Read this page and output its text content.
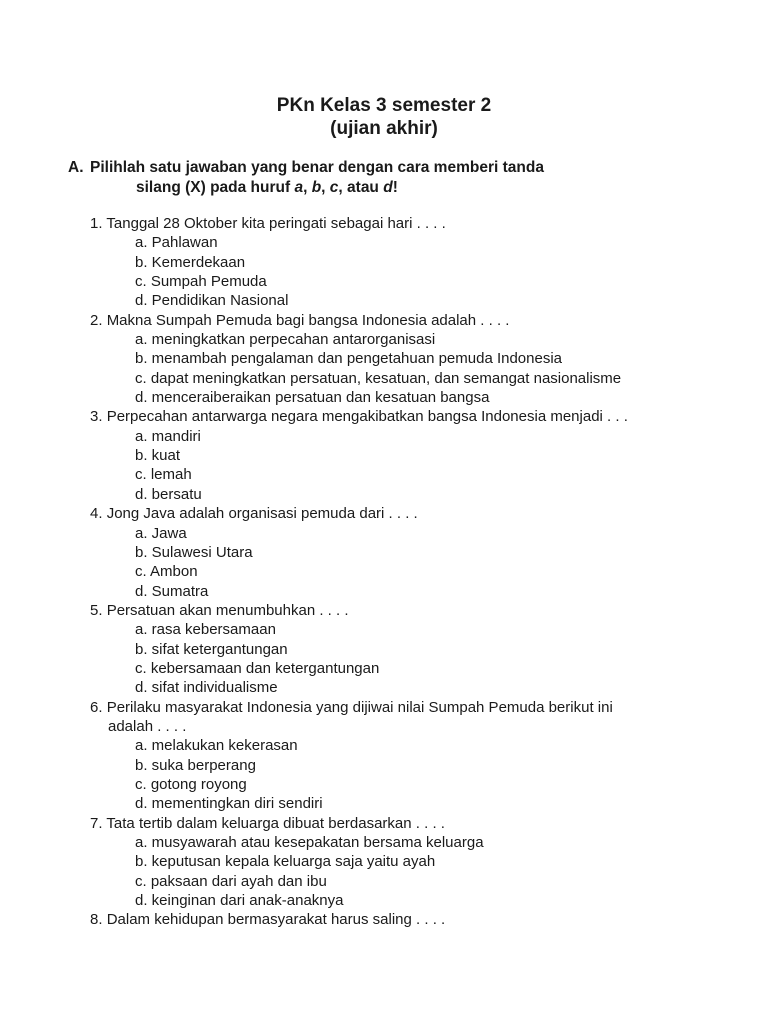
PKn Kelas 3 semester 2
(ujian akhir)
A. Pilihlah satu jawaban yang benar dengan cara memberi tanda
silang (X) pada huruf a, b, c, atau d!
1. Tanggal 28 Oktober kita peringati sebagai hari . . . .
a. Pahlawan
b. Kemerdekaan
c. Sumpah Pemuda
d. Pendidikan Nasional
2. Makna Sumpah Pemuda bagi bangsa Indonesia adalah . . . .
a. meningkatkan perpecahan antarorganisasi
b. menambah pengalaman dan pengetahuan pemuda Indonesia
c. dapat meningkatkan persatuan, kesatuan, dan semangat nasionalisme
d. menceraiberaikan persatuan dan kesatuan bangsa
3. Perpecahan antarwarga negara mengakibatkan bangsa Indonesia menjadi . . .
a. mandiri
b. kuat
c. lemah
d. bersatu
4. Jong Java adalah organisasi pemuda dari . . . .
a. Jawa
b. Sulawesi Utara
c. Ambon
d. Sumatra
5. Persatuan akan menumbuhkan . . . .
a. rasa kebersamaan
b. sifat ketergantungan
c. kebersamaan dan ketergantungan
d. sifat individualisme
6. Perilaku masyarakat Indonesia yang dijiwai nilai Sumpah Pemuda berikut ini
adalah . . . .
a. melakukan kekerasan
b. suka berperang
c. gotong royong
d. mementingkan diri sendiri
7. Tata tertib dalam keluarga dibuat berdasarkan . . . .
a. musyawarah atau kesepakatan bersama keluarga
b. keputusan kepala keluarga saja yaitu ayah
c. paksaan dari ayah dan ibu
d. keinginan dari anak-anaknya
8. Dalam kehidupan bermasyarakat harus saling . . . .
